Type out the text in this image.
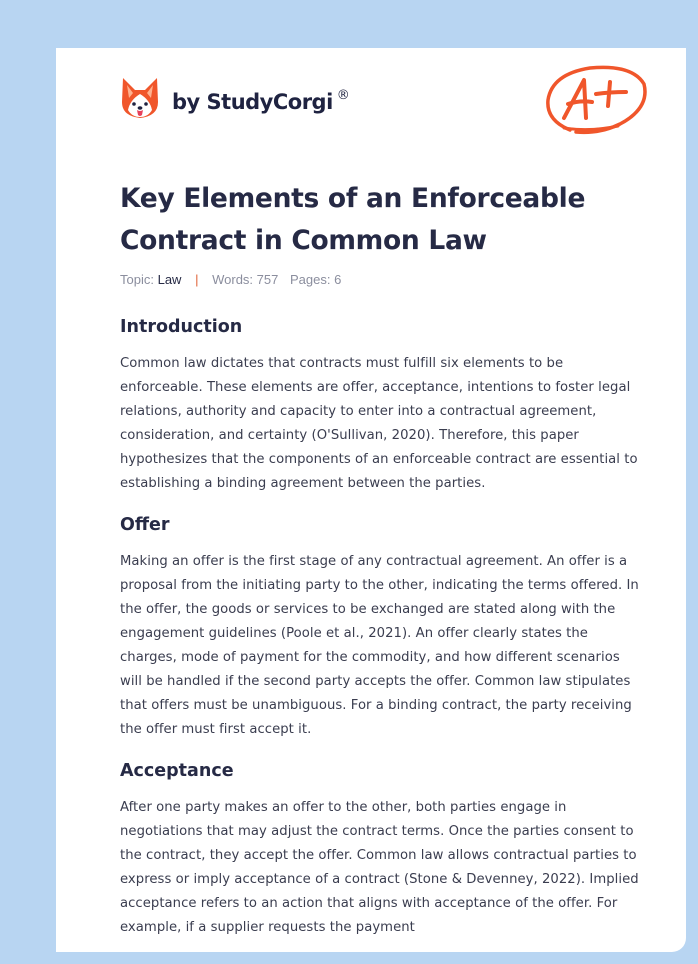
by StudyCorgi ®
Key Elements of an Enforceable Contract in Common Law
Topic: Law | Words: 757 Pages: 6
Introduction

Common law dictates that contracts must fulfill six elements to be enforceable. These elements are offer, acceptance, intentions to foster legal relations, authority and capacity to enter into a contractual agreement, consideration, and certainty (O'Sullivan, 2020). Therefore, this paper hypothesizes that the components of an enforceable contract are essential to establishing a binding agreement between the parties.

Offer

Making an offer is the first stage of any contractual agreement. An offer is a proposal from the initiating party to the other, indicating the terms offered. In the offer, the goods or services to be exchanged are stated along with the engagement guidelines (Poole et al., 2021). An offer clearly states the charges, mode of payment for the commodity, and how different scenarios will be handled if the second party accepts the offer. Common law stipulates that offers must be unambiguous. For a binding contract, the party receiving the offer must first accept it.

Acceptance

After one party makes an offer to the other, both parties engage in negotiations that may adjust the contract terms. Once the parties consent to the contract, they accept the offer. Common law allows contractual parties to express or imply acceptance of a contract (Stone & Devenney, 2022). Implied acceptance refers to an action that aligns with acceptance of the offer. For example, if a supplier requests the payment
